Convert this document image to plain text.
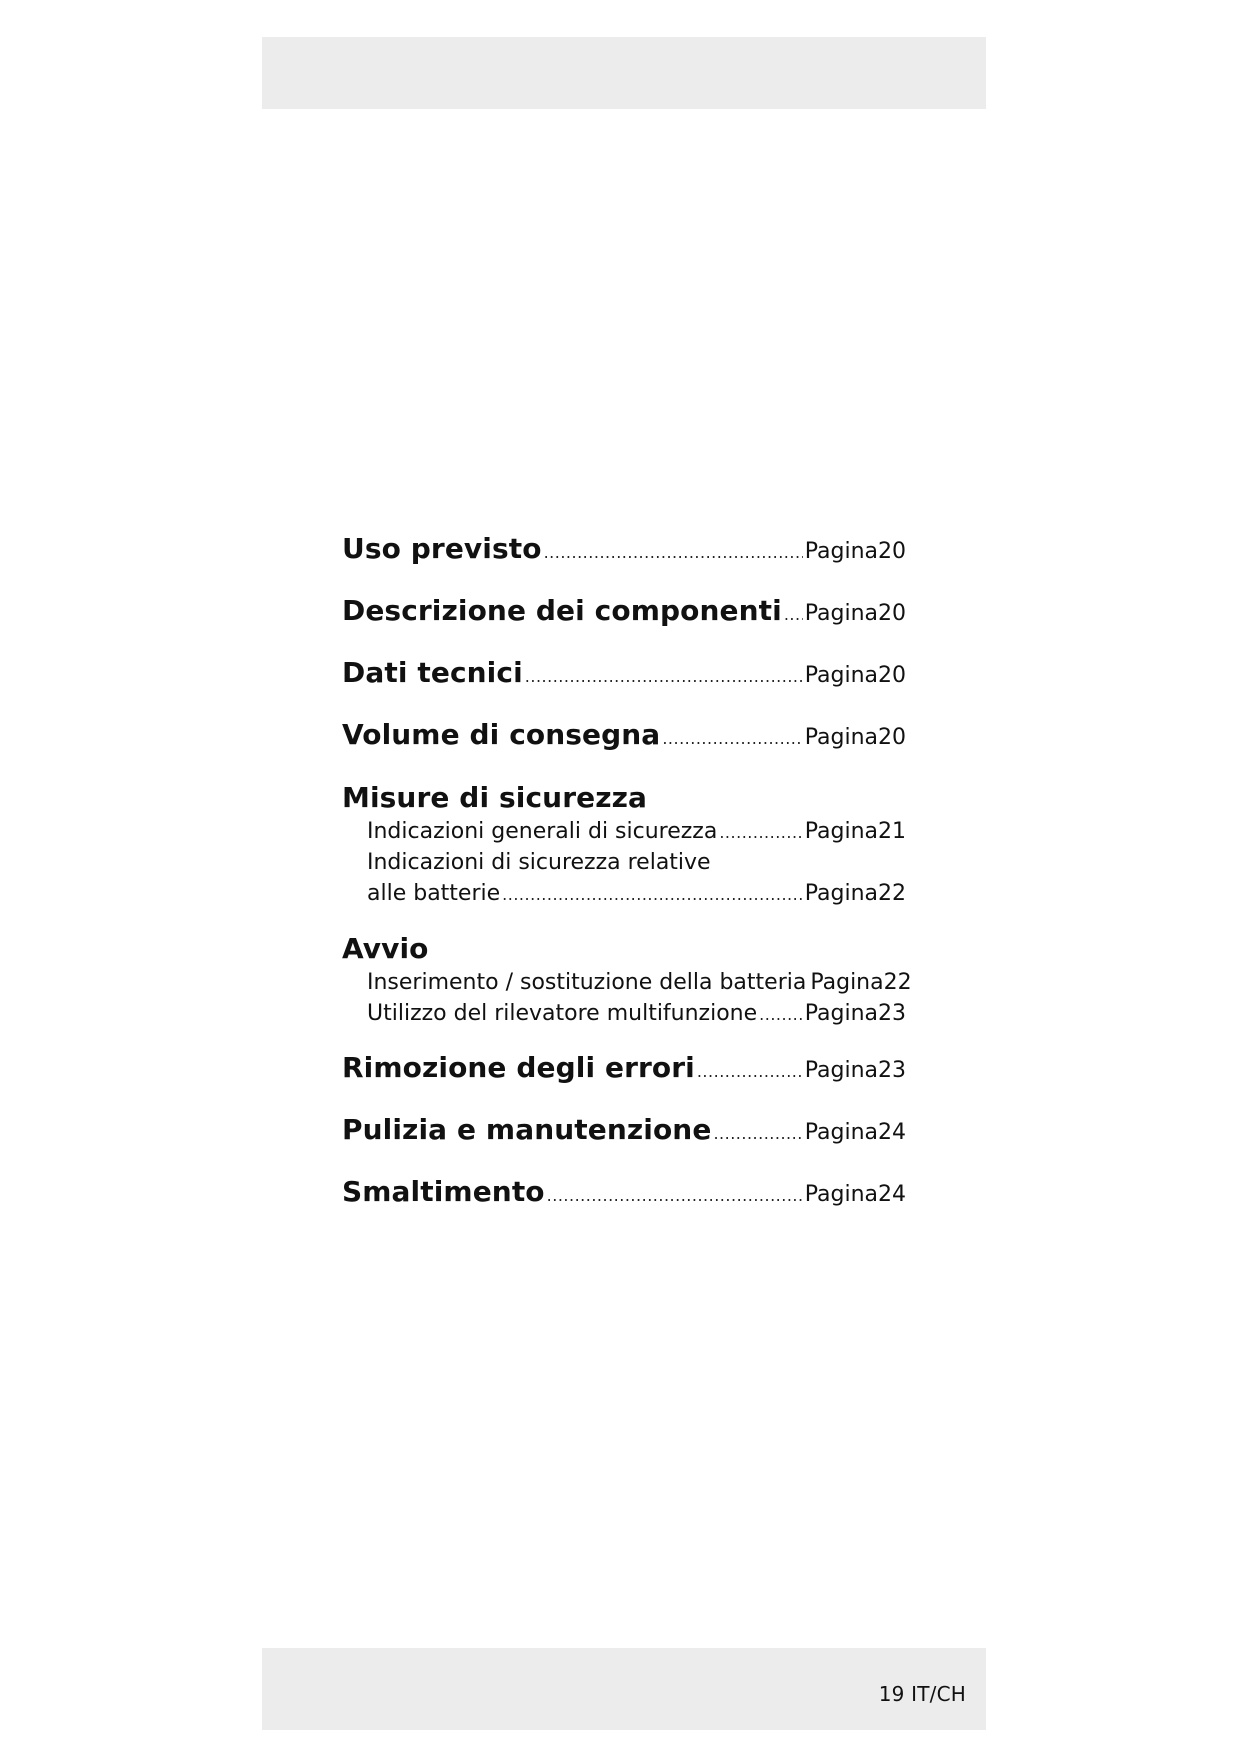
Uso previsto .....	Pagina 20
Descrizione dei componenti ..... Pagina 20
Dati tecnici .....	Pagina 20
Volume di consegna .....	Pagina 20
Misure di sicurezza
Indicazioni generali di sicurezza .....	Pagina 21
Indicazioni di sicurezza relative
alle batterie .....	Pagina 22
Avvio
Inserimento / sostituzione della batteria Pagina 22
Utilizzo del rilevatore multifunzione ..... Pagina 23
Rimozione degli errori .....	Pagina 23
Pulizia e manutenzione .....	Pagina 24
Smaltimento .....	Pagina 24
19 IT/CH
